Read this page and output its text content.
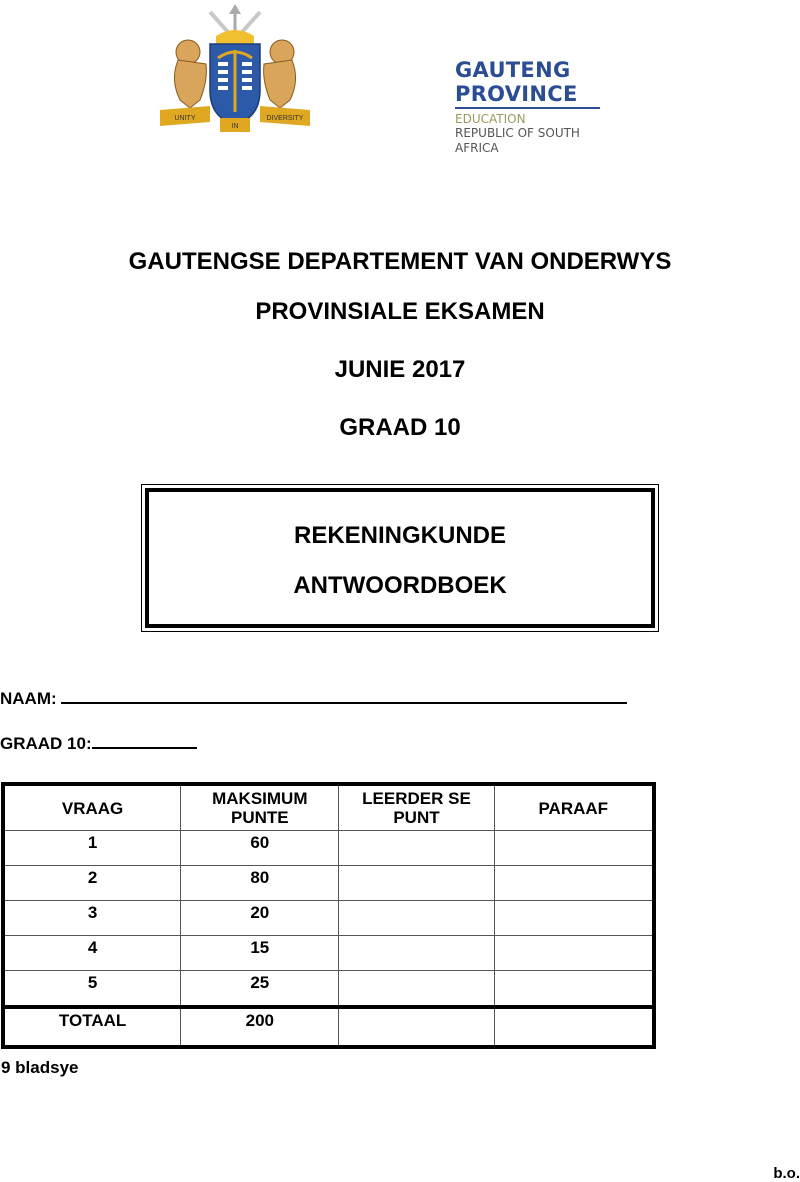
UNITY
IN
DIVERSITY
GAUTENG PROVINCE
EDUCATION
REPUBLIC OF SOUTH AFRICA
GAUTENGSE DEPARTEMENT VAN ONDERWYS
PROVINSIALE EKSAMEN
JUNIE 2017
GRAAD 10
REKENINGKUNDE
ANTWOORDBOEK
NAAM:
GRAAD 10:
VRAAG	MAKSIMUM PUNTE	LEERDER SE PUNT	PARAAF
1	60		
2	80		
3	20		
4	15		
5	25		
TOTAAL	200		
9 bladsye
b.o.
